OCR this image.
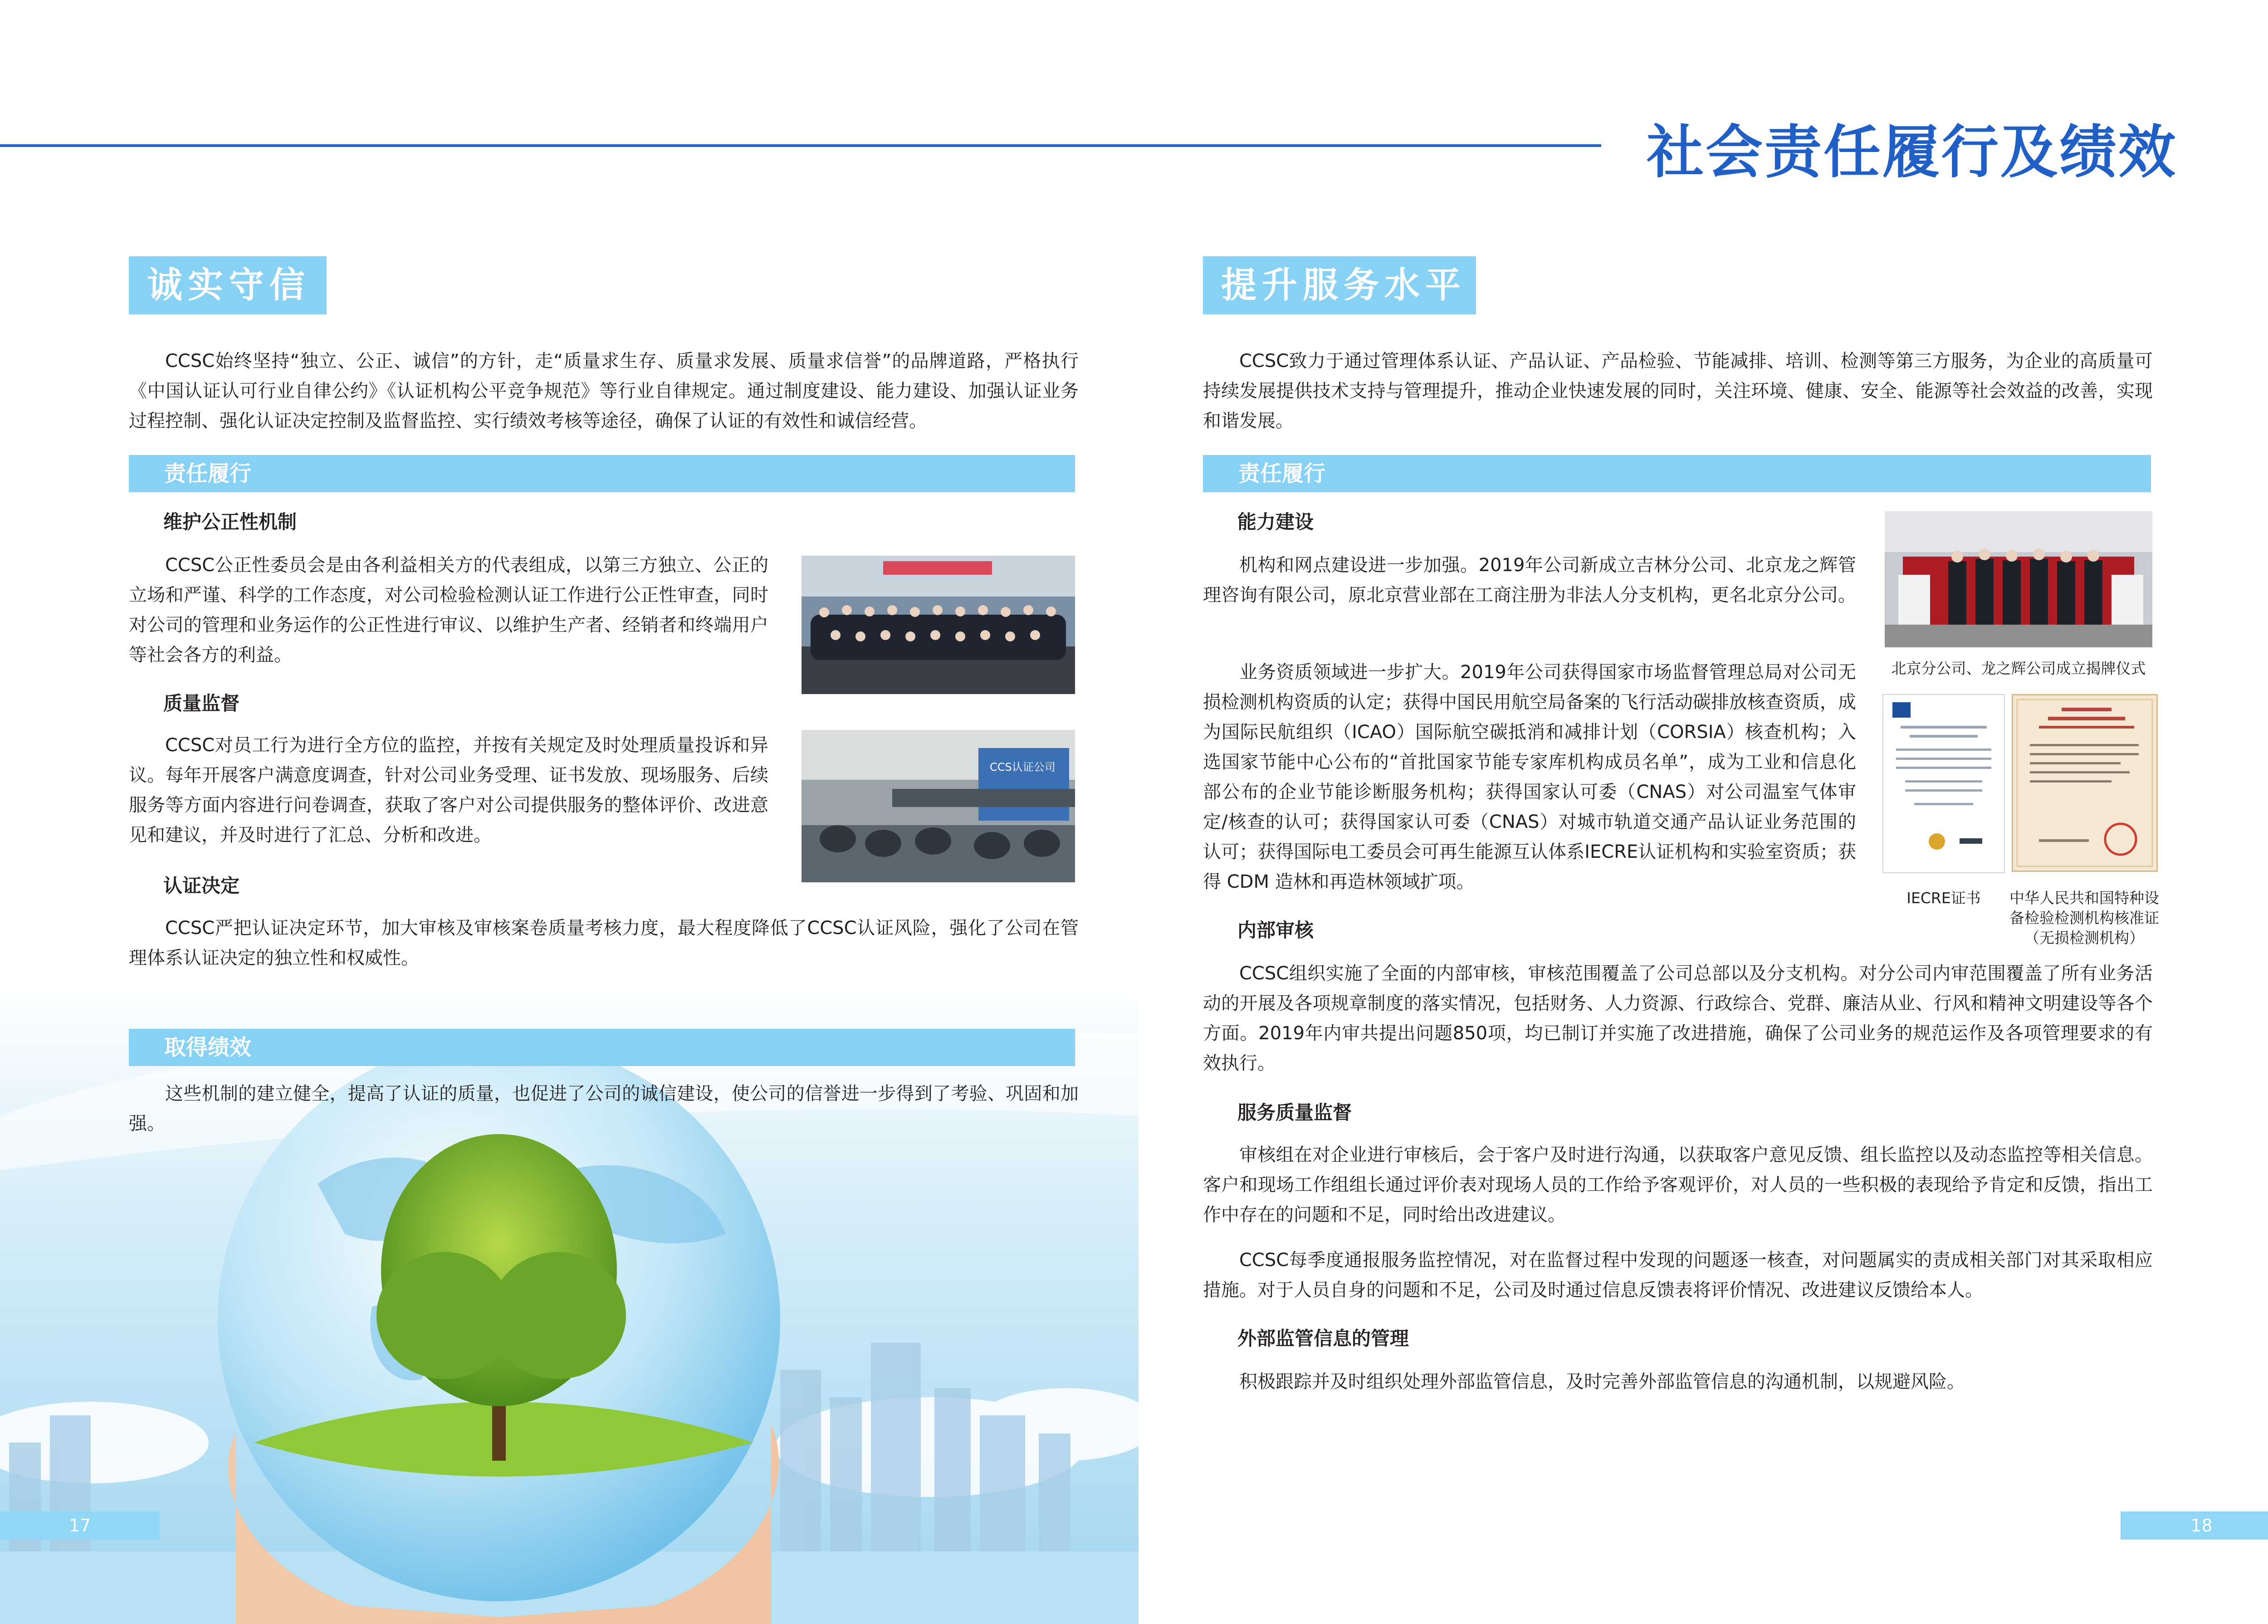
社会责任履行及绩效
诚实守信

CCSC始终坚持“独立、公正、诚信”的方针，走“质量求生存、质量求发展、质量求信誉”的品牌道路，严格执行《中国认证认可行业自律公约》《认证机构公平竞争规范》等行业自律规定。通过制度建设、能力建设、加强认证业务过程控制、强化认证决定控制及监督监控、实行绩效考核等途径，确保了认证的有效性和诚信经营。

责任履行
维护公正性机制

CCSC公正性委员会是由各利益相关方的代表组成，以第三方独立、公正的立场和严谨、科学的工作态度，对公司检验检测认证工作进行公正性审查，同时对公司的管理和业务运作的公正性进行审议、以维护生产者、经销者和终端用户等社会各方的利益。

质量监督

CCSC对员工行为进行全方位的监控，并按有关规定及时处理质量投诉和异议。每年开展客户满意度调查，针对公司业务受理、证书发放、现场服务、后续服务等方面内容进行问卷调查，获取了客户对公司提供服务的整体评价、改进意见和建议，并及时进行了汇总、分析和改进。

CCS认证公司
认证决定

CCSC严把认证决定环节，加大审核及审核案卷质量考核力度，最大程度降低了CCSC认证风险，强化了公司在管理体系认证决定的独立性和权威性。

取得绩效

这些机制的建立健全，提高了认证的质量，也促进了公司的诚信建设，使公司的信誉进一步得到了考验、巩固和加强。

17
提升服务水平

CCSC致力于通过管理体系认证、产品认证、产品检验、节能减排、培训、检测等第三方服务，为企业的高质量可持续发展提供技术支持与管理提升，推动企业快速发展的同时，关注环境、健康、安全、能源等社会效益的改善，实现和谐发展。

责任履行
能力建设

机构和网点建设进一步加强。2019年公司新成立吉林分公司、北京龙之辉管理咨询有限公司，原北京营业部在工商注册为非法人分支机构，更名北京分公司。

业务资质领域进一步扩大。2019年公司获得国家市场监督管理总局对公司无损检测机构资质的认定；获得中国民用航空局备案的飞行活动碳排放核查资质，成为国际民航组织（ICAO）国际航空碳抵消和减排计划（CORSIA）核查机构；入选国家节能中心公布的“首批国家节能专家库机构成员名单”，成为工业和信息化部公布的企业节能诊断服务机构；获得国家认可委（CNAS）对公司温室气体审定/核查的认可；获得国家认可委（CNAS）对城市轨道交通产品认证业务范围的认可；获得国际电工委员会可再生能源互认体系IECRE认证机构和实验室资质；获得 CDM 造林和再造林领域扩项。

北京分公司、龙之辉公司成立揭牌仪式
IECRE证书	中华人民共和国特种设备检验检测机构核准证（无损检测机构）
内部审核

CCSC组织实施了全面的内部审核，审核范围覆盖了公司总部以及分支机构。对分公司内审范围覆盖了所有业务活动的开展及各项规章制度的落实情况，包括财务、人力资源、行政综合、党群、廉洁从业、行风和精神文明建设等各个方面。2019年内审共提出问题850项，均已制订并实施了改进措施，确保了公司业务的规范运作及各项管理要求的有效执行。

服务质量监督

审核组在对企业进行审核后，会于客户及时进行沟通，以获取客户意见反馈、组长监控以及动态监控等相关信息。客户和现场工作组组长通过评价表对现场人员的工作给予客观评价，对人员的一些积极的表现给予肯定和反馈，指出工作中存在的问题和不足，同时给出改进建议。

CCSC每季度通报服务监控情况，对在监督过程中发现的问题逐一核查，对问题属实的责成相关部门对其采取相应措施。对于人员自身的问题和不足，公司及时通过信息反馈表将评价情况、改进建议反馈给本人。

外部监管信息的管理

积极跟踪并及时组织处理外部监管信息，及时完善外部监管信息的沟通机制，以规避风险。

18
